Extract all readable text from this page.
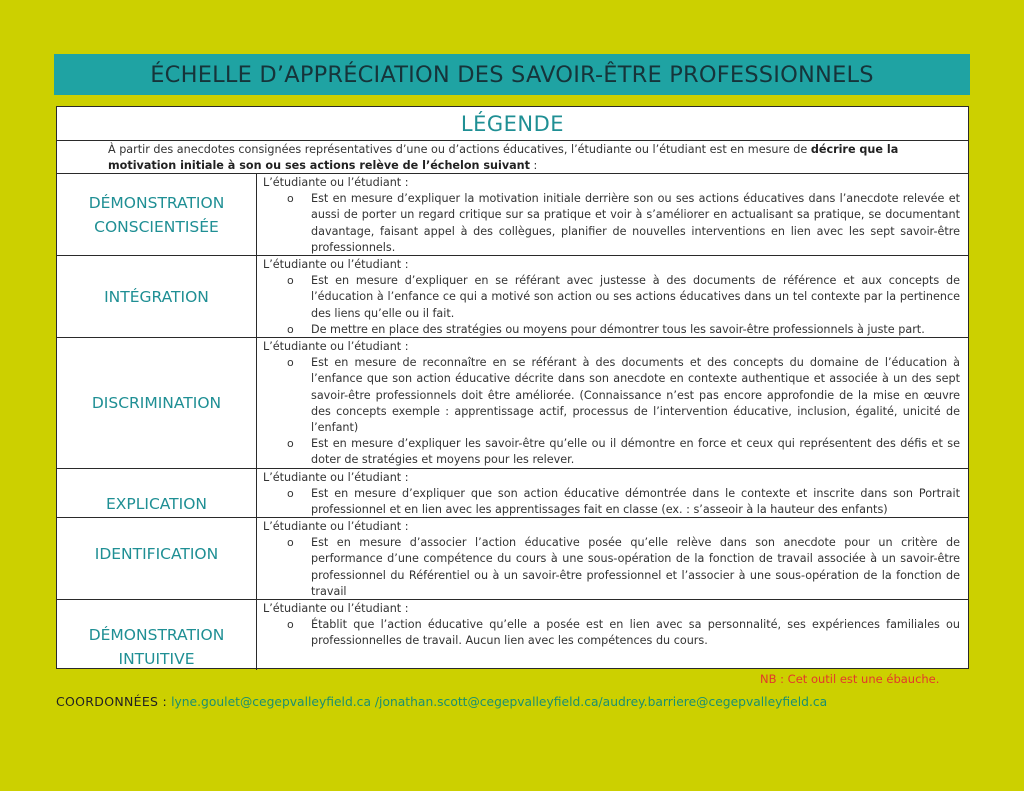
ÉCHELLE D’APPRÉCIATION DES SAVOIR-ÊTRE PROFESSIONNELS
LÉGENDE
À partir des anecdotes consignées représentatives d’une ou d’actions éducatives, l’étudiante ou l’étudiant est en mesure de décrire que la motivation initiale à son ou ses actions relève de l’échelon suivant :
DÉMONSTRATION CONSCIENTISÉE
L’étudiante ou l’étudiant :
o Est en mesure d’expliquer la motivation initiale derrière son ou ses actions éducatives dans l’anecdote relevée et aussi de porter un regard critique sur sa pratique et voir à s’améliorer en actualisant sa pratique, se documentant davantage, faisant appel à des collègues, planifier de nouvelles interventions en lien avec les sept savoir-être professionnels.
INTÉGRATION
L’étudiante ou l’étudiant :
o Est en mesure d’expliquer en se référant avec justesse à des documents de référence et aux concepts de l’éducation à l’enfance ce qui a motivé son action ou ses actions éducatives dans un tel contexte par la pertinence des liens qu’elle ou il fait.
o De mettre en place des stratégies ou moyens pour démontrer tous les savoir-être professionnels à juste part.
DISCRIMINATION
L’étudiante ou l’étudiant :
o Est en mesure de reconnaître en se référant à des documents et des concepts du domaine de l’éducation à l’enfance que son action éducative décrite dans son anecdote en contexte authentique et associée à un des sept savoir-être professionnels doit être améliorée. (Connaissance n’est pas encore approfondie de la mise en œuvre des concepts exemple : apprentissage actif, processus de l’intervention éducative, inclusion, égalité, unicité de l’enfant)
o Est en mesure d’expliquer les savoir-être qu’elle ou il démontre en force et ceux qui représentent des défis et se doter de stratégies et moyens pour les relever.
EXPLICATION
L’étudiante ou l’étudiant :
o Est en mesure d’expliquer que son action éducative démontrée dans le contexte et inscrite dans son Portrait professionnel et en lien avec les apprentissages fait en classe (ex. : s’asseoir à la hauteur des enfants)
IDENTIFICATION
L’étudiante ou l’étudiant :
o Est en mesure d’associer l’action éducative posée qu’elle relève dans son anecdote pour un critère de performance d’une compétence du cours à une sous-opération de la fonction de travail associée à un savoir-être professionnel du Référentiel ou à un savoir-être professionnel et l’associer à une sous-opération de la fonction de travail
DÉMONSTRATION INTUITIVE
L’étudiante ou l’étudiant :
o Établit que l’action éducative qu’elle a posée est en lien avec sa personnalité, ses expériences familiales ou professionnelles de travail. Aucun lien avec les compétences du cours.
NB : Cet outil est une ébauche.
COORDONNÉES : lyne.goulet@cegepvalleyfield.ca /jonathan.scott@cegepvalleyfield.ca/audrey.barriere@cegepvalleyfield.ca
